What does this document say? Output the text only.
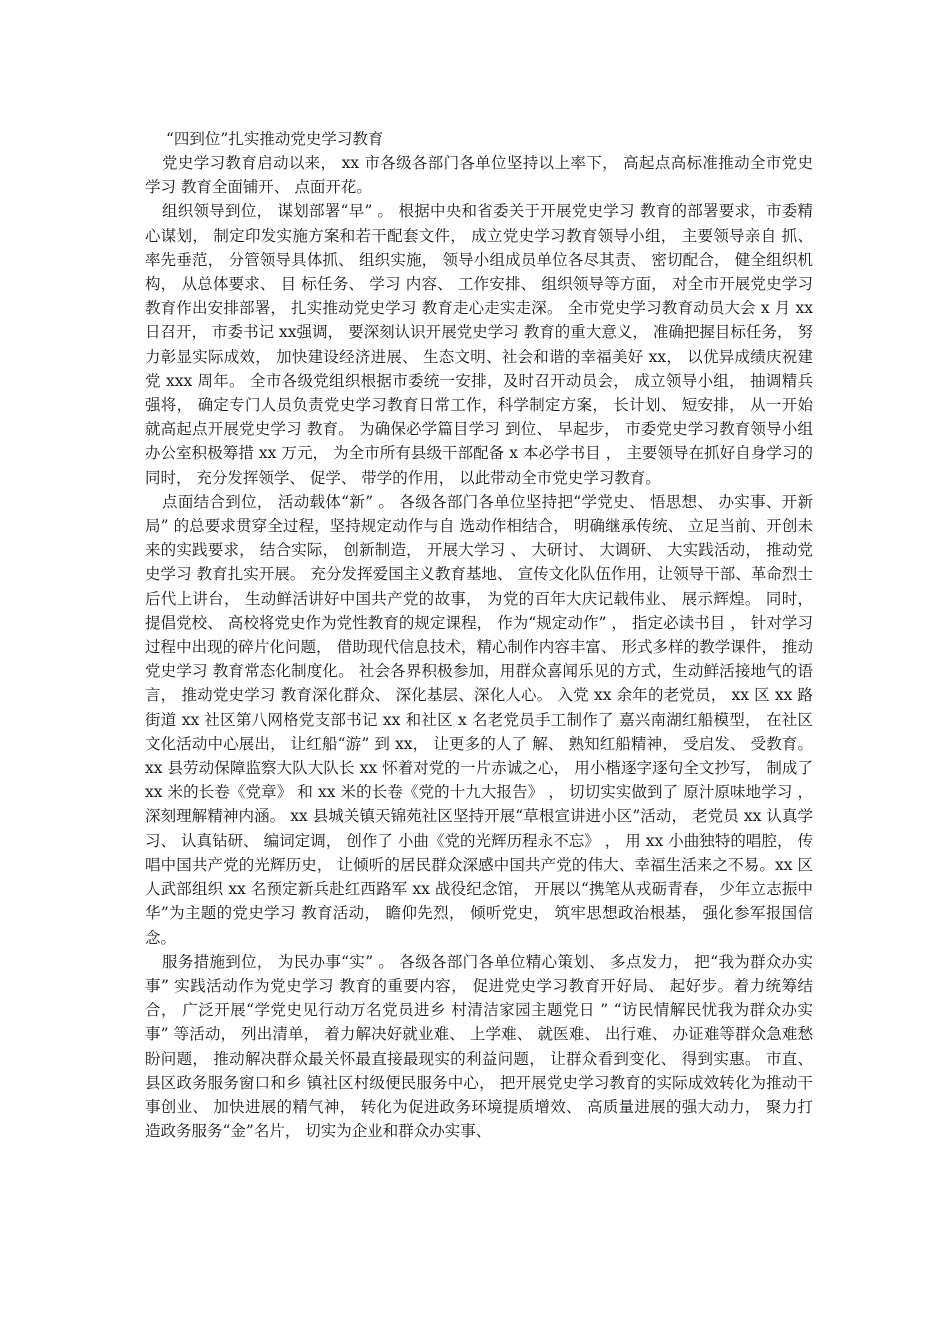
“四到位”扎实推动党史学习教育

党史学习教育启动以来， xx 市各级各部门各单位坚持以上率下， 高起点高标准推动全市党史学习 教育全面铺开、 点面开花。

组织领导到位， 谋划部署“早” 。 根据中央和省委关于开展党史学习 教育的部署要求，市委精心谋划， 制定印发实施方案和若干配套文件， 成立党史学习教育领导小组， 主要领导亲自 抓、 率先垂范， 分管领导具体抓、 组织实施， 领导小组成员单位各尽其责、 密切配合， 健全组织机构， 从总体要求、 目 标任务、 学习 内容、 工作安排、 组织领导等方面， 对全市开展党史学习教育作出安排部署， 扎实推动党史学习 教育走心走实走深。 全市党史学习教育动员大会 x 月 xx 日召开， 市委书记 xx强调， 要深刻认识开展党史学习 教育的重大意义， 准确把握目标任务， 努力彰显实际成效， 加快建设经济进展、 生态文明、社会和谐的幸福美好 xx， 以优异成绩庆祝建党 xxx 周年。 全市各级党组织根据市委统一安排，及时召开动员会， 成立领导小组， 抽调精兵强将， 确定专门人员负责党史学习教育日常工作，科学制定方案， 长计划、 短安排， 从一开始就高起点开展党史学习 教育。 为确保必学篇目学习 到位、 早起步， 市委党史学习教育领导小组办公室积极筹措 xx 万元， 为全市所有县级干部配备 x 本必学书目 ， 主要领导在抓好自身学习的同时， 充分发挥领学、 促学、 带学的作用， 以此带动全市党史学习教育。

点面结合到位， 活动载体“新” 。 各级各部门各单位坚持把“学党史、 悟思想、 办实事、开新局” 的总要求贯穿全过程，坚持规定动作与自 选动作相结合， 明确继承传统、 立足当前、开创未来的实践要求， 结合实际， 创新制造， 开展大学习 、 大研讨、 大调研、 大实践活动， 推动党史学习 教育扎实开展。 充分发挥爱国主义教育基地、 宣传文化队伍作用，让领导干部、革命烈士后代上讲台， 生动鲜活讲好中国共产党的故事， 为党的百年大庆记载伟业、 展示辉煌。 同时， 提倡党校、 高校将党史作为党性教育的规定课程， 作为“规定动作” ， 指定必读书目 ， 针对学习过程中出现的碎片化问题， 借助现代信息技术，精心制作内容丰富、 形式多样的教学课件， 推动党史学习 教育常态化制度化。 社会各界积极参加，用群众喜闻乐见的方式，生动鲜活接地气的语言， 推动党史学习 教育深化群众、 深化基层、深化人心。 入党 xx 余年的老党员， xx 区 xx 路街道 xx 社区第八网格党支部书记 xx 和社区 x 名老党员手工制作了 嘉兴南湖红船模型， 在社区文化活动中心展出， 让红船“游” 到 xx， 让更多的人了 解、 熟知红船精神， 受启发、 受教育。 xx 县劳动保障监察大队大队长 xx 怀着对党的一片赤诚之心， 用小楷逐字逐句全文抄写， 制成了 xx 米的长卷《党章》 和 xx 米的长卷《党的十九大报告》 ， 切切实实做到了 原汁原味地学习 ， 深刻理解精神内涵。 xx 县城关镇天锦苑社区坚持开展“草根宣讲进小区”活动， 老党员 xx 认真学习、 认真钻研、 编词定调， 创作了 小曲《党的光辉历程永不忘》 ， 用 xx 小曲独特的唱腔， 传唱中国共产党的光辉历史， 让倾听的居民群众深感中国共产党的伟大、幸福生活来之不易。xx 区人武部组织 xx 名预定新兵赴红西路军 xx 战役纪念馆， 开展以“携笔从戎砺青春， 少年立志振中华”为主题的党史学习 教育活动， 瞻仰先烈， 倾听党史， 筑牢思想政治根基， 强化参军报国信念。

服务措施到位， 为民办事“实” 。 各级各部门各单位精心策划、 多点发力， 把“我为群众办实事” 实践活动作为党史学习 教育的重要内容， 促进党史学习教育开好局、 起好步。着力统筹结合， 广泛开展“学党史见行动万名党员进乡 村清洁家园主题党日 ” “访民情解民忧我为群众办实事” 等活动， 列出清单， 着力解决好就业难、 上学难、 就医难、 出行难、 办证难等群众急难愁盼问题， 推动解决群众最关怀最直接最现实的利益问题， 让群众看到变化、 得到实惠。 市直、 县区政务服务窗口和乡 镇社区村级便民服务中心， 把开展党史学习教育的实际成效转化为推动干事创业、 加快进展的精气神， 转化为促进政务环境提质增效、 高质量进展的强大动力， 聚力打造政务服务“金”名片， 切实为企业和群众办实事、
